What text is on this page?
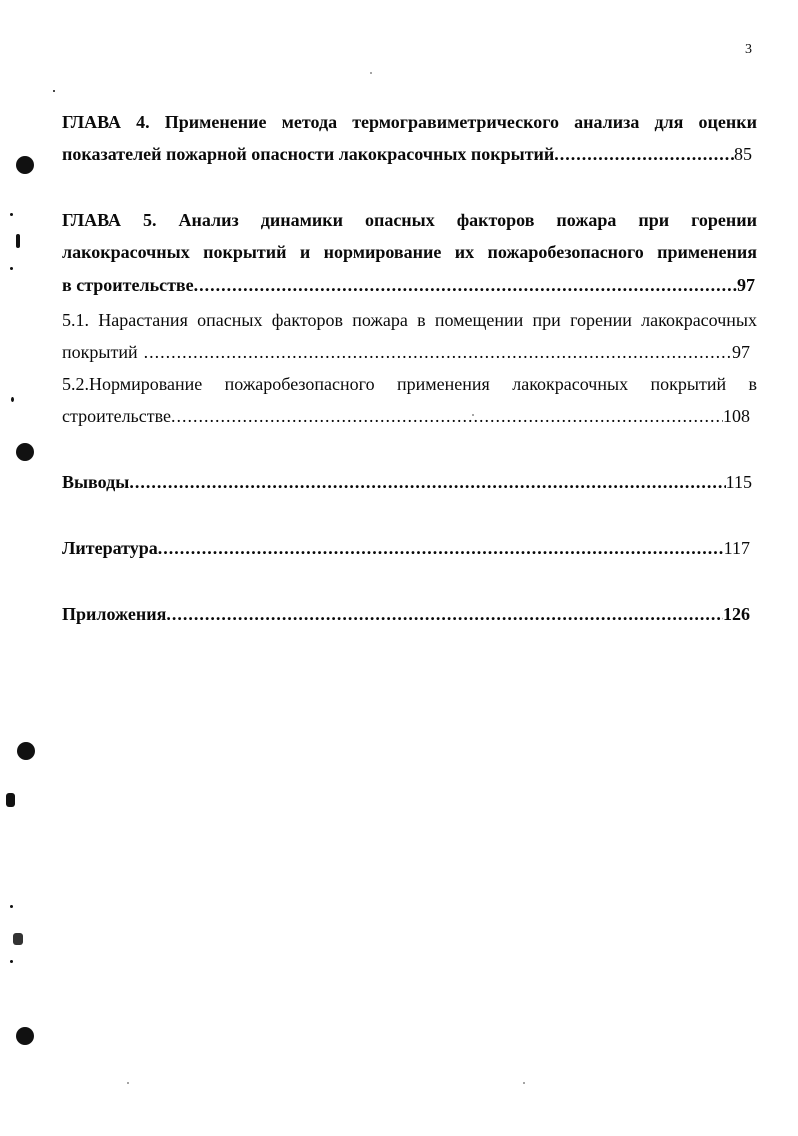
3
ГЛАВА 4. Применение метода термогравиметрического анализа для оценки
показателей пожарной опасности лакокрасочных покрытий .....	85
ГЛАВА 5. Анализ динамики опасных факторов пожара при горении
лакокрасочных покрытий и нормирование их пожаробезопасного применения
в строительстве .....	97
5.1. Нарастания опасных факторов пожара в помещении при горении лакокрасочных
покрытий .....	97
5.2.Нормирование пожаробезопасного применения лакокрасочных покрытий в
строительстве .....	108
Выводы .....	115
Литература .....	117
Приложения .....	126
